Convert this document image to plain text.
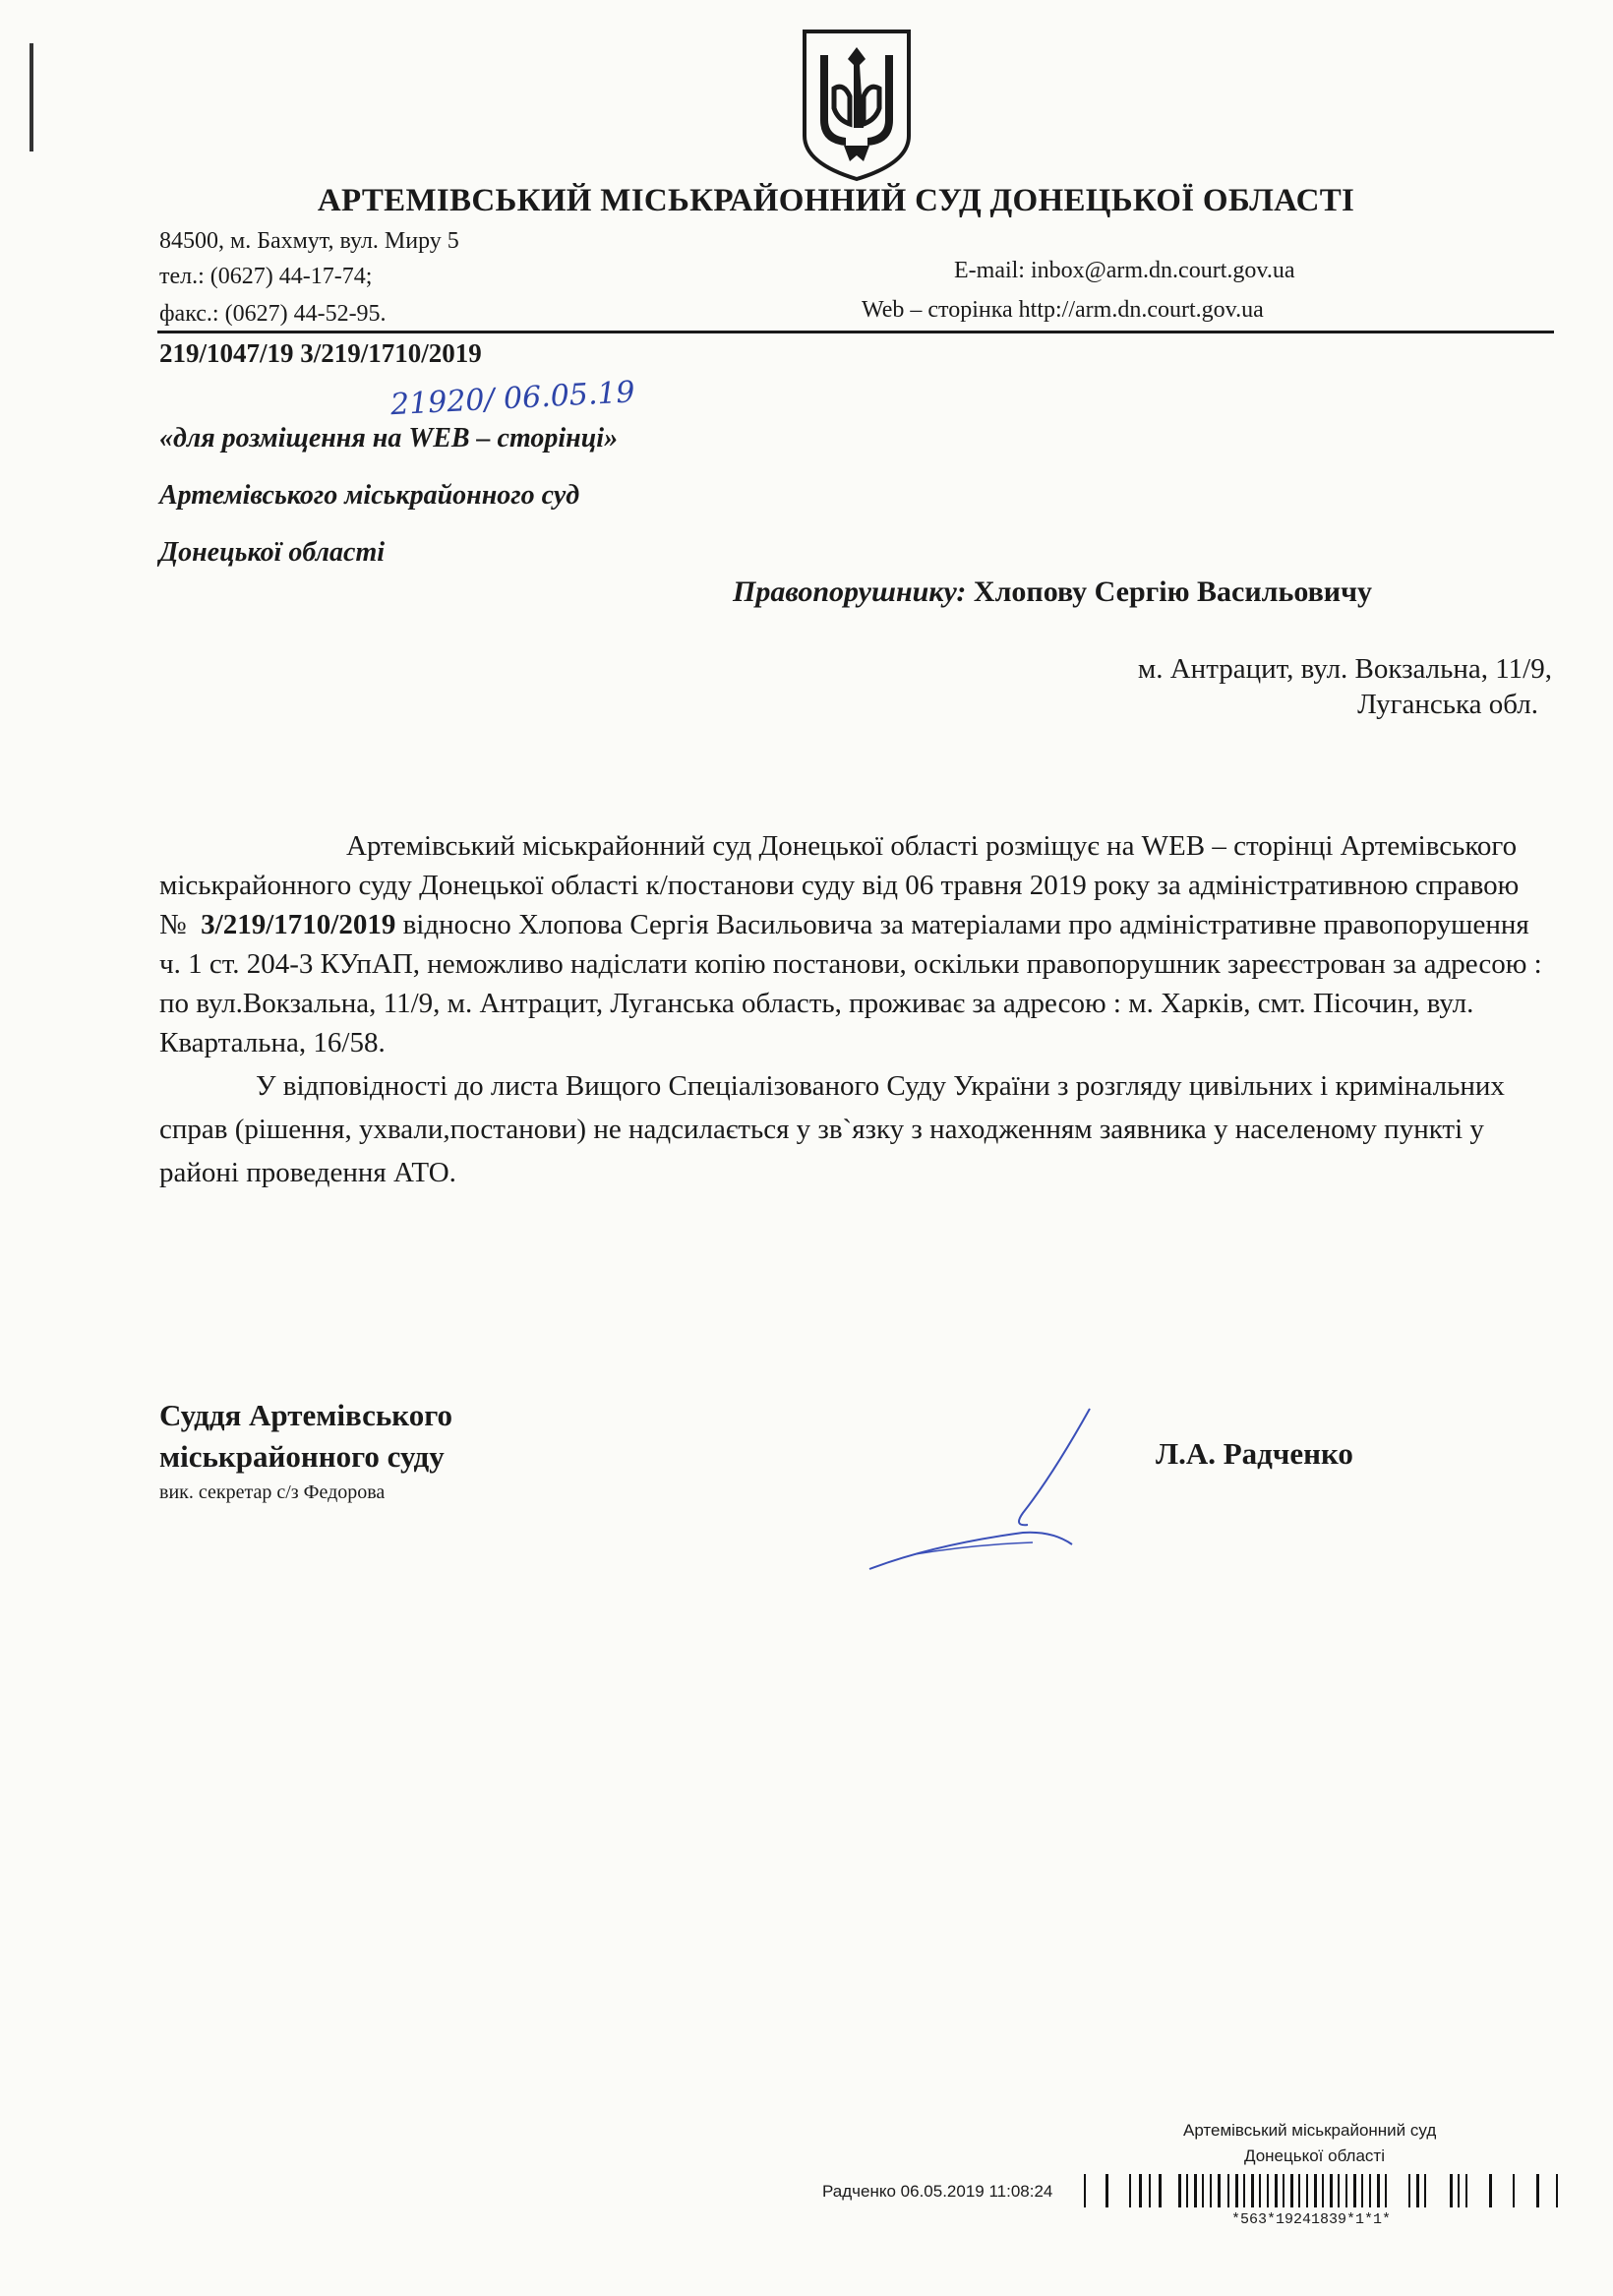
АРТЕМІВСЬКИЙ МІСЬКРАЙОННИЙ СУД ДОНЕЦЬКОЇ ОБЛАСТІ
84500, м. Бахмут, вул. Миру 5
тел.: (0627) 44-17-74;
факс.: (0627) 44-52-95.
E-mail: inbox@arm.dn.court.gov.ua
Web – сторінка http://arm.dn.court.gov.ua
219/1047/19 3/219/1710/2019
21920/ 06.05.19
«для розміщення на WEB – сторінці»
Артемівського міськрайонного суд
Донецької області
Правопорушнику: Хлопову Сергію Васильовичу
м. Антрацит, вул. Вокзальна, 11/9,
Луганська обл.

Артемівський міськрайонний суд Донецької області розміщує на WEB – сторінці Артемівського міськрайонного суду Донецької області к/постанови суду від 06 травня 2019 року за адміністративною справою № 3/219/1710/2019 відносно Хлопова Сергія Васильовича за матеріалами про адміністративне правопорушення ч. 1 ст. 204-3 КУпАП, неможливо надіслати копію постанови, оскільки правопорушник зареєстрован за адресою : по вул.Вокзальна, 11/9, м. Антрацит, Луганська область, проживає за адресою : м. Харків, смт. Пісочин, вул. Квартальна, 16/58.

У відповідності до листа Вищого Спеціалізованого Суду України з розгляду цивільних і кримінальних справ (рішення, ухвали,постанови) не надсилається у зв`язку з находженням заявника у населеному пункті у районі проведення АТО.

Суддя Артемівського
міськрайонного суду
вик. секретар с/з Федорова
Л.А. Радченко
Артемівський міськрайонний суд
Донецької області
Радченко 06.05.2019 11:08:24
*563*19241839*1*1*
